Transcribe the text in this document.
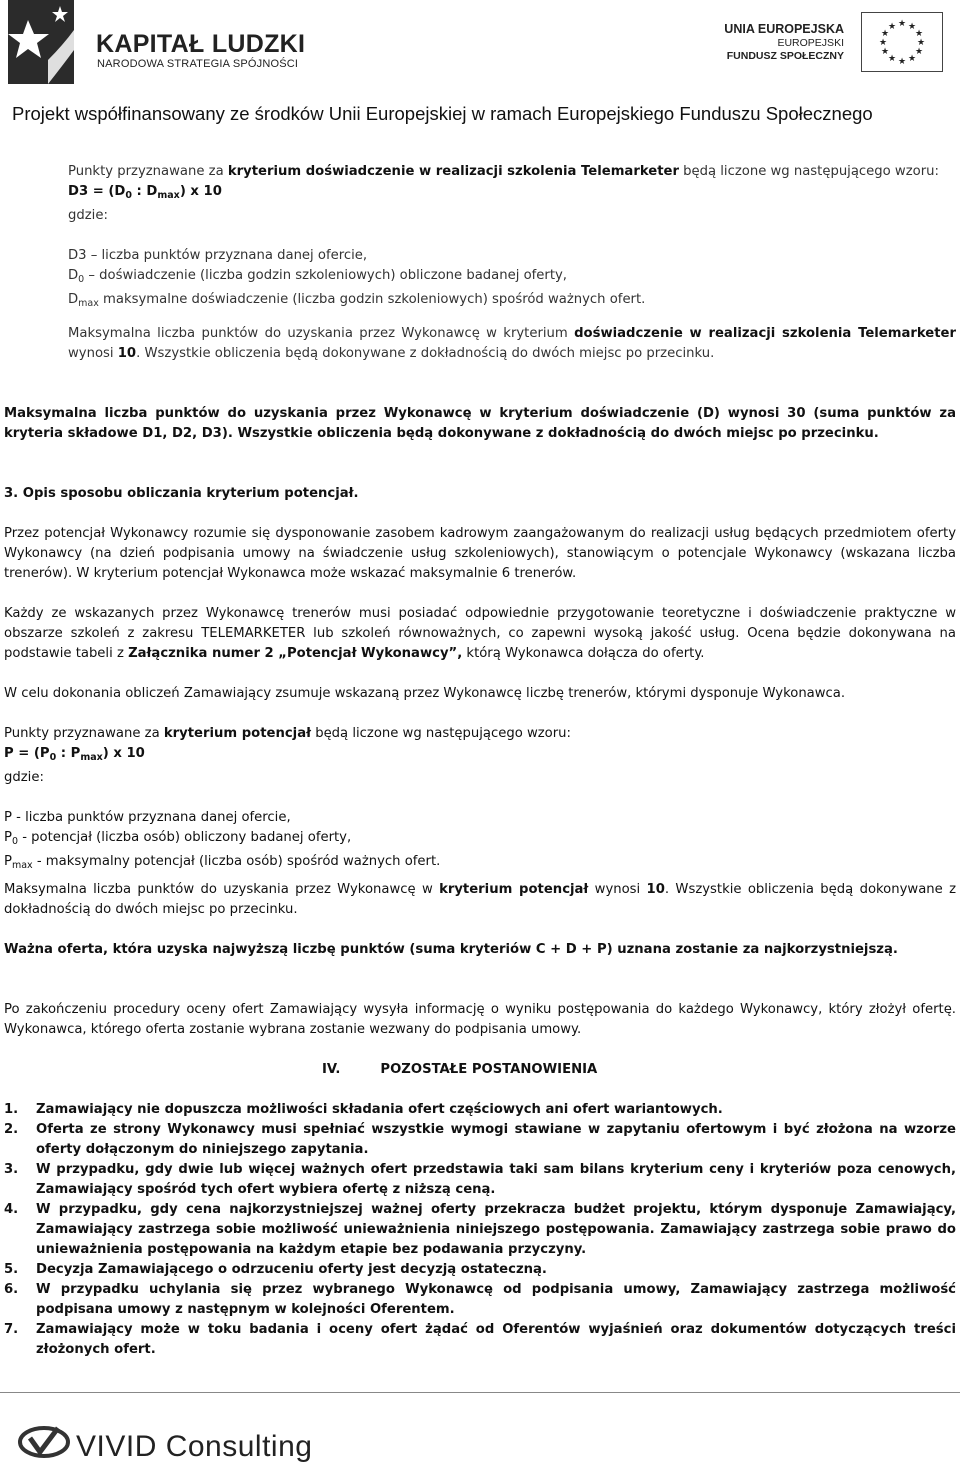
KAPITAŁ LUDZKI
NARODOWA STRATEGIA SPÓJNOŚCI
UNIA EUROPEJSKA
EUROPEJSKI
FUNDUSZ SPOŁECZNY
★ ★
★
★
★
★
★
★
★
★
★
★
Projekt współfinansowany ze środków Unii Europejskiej w ramach Europejskiego Funduszu Społecznego

Punkty przyznawane za kryterium doświadczenie w realizacji szkolenia Telemarketer będą liczone wg następującego wzoru:

$D3 = (D_0$ : $D_{max}$) x 10

gdzie:

D3 – liczba punktów przyznana danej ofercie,

$D_0$ – doświadczenie (liczba godzin szkoleniowych) obliczone badanej oferty,

$D_{max}$ maksymalne doświadczenie (liczba godzin szkoleniowych) spośród ważnych ofert.

Maksymalna liczba punktów do uzyskania przez Wykonawcę w kryterium doświadczenie w realizacji szkolenia Telemarketer wynosi 10. Wszystkie obliczenia będą dokonywane z dokładnością do dwóch miejsc po przecinku.

Maksymalna liczba punktów do uzyskania przez Wykonawcę w kryterium doświadczenie (D) wynosi 30 (suma punktów za kryteria składowe D1, D2, D3). Wszystkie obliczenia będą dokonywane z dokładnością do dwóch miejsc po przecinku.

3. Opis sposobu obliczania kryterium potencjał.

Przez potencjał Wykonawcy rozumie się dysponowanie zasobem kadrowym zaangażowanym do realizacji usług będących przedmiotem oferty Wykonawcy (na dzień podpisania umowy na świadczenie usług szkoleniowych), stanowiącym o potencjale Wykonawcy (wskazana liczba trenerów). W kryterium potencjał Wykonawca może wskazać maksymalnie 6 trenerów.

Każdy ze wskazanych przez Wykonawcę trenerów musi posiadać odpowiednie przygotowanie teoretyczne i doświadczenie praktyczne w obszarze szkoleń z zakresu TELEMARKETER lub szkoleń równoważnych, co zapewni wysoką jakość usług. Ocena będzie dokonywana na podstawie tabeli z Załącznika numer 2 „Potencjał Wykonawcy”, którą Wykonawca dołącza do oferty.

W celu dokonania obliczeń Zamawiający zsumuje wskazaną przez Wykonawcę liczbę trenerów, którymi dysponuje Wykonawca.

Punkty przyznawane za kryterium potencjał będą liczone wg następującego wzoru:

$P = (P_0$ : $P_{max}$) x 10

gdzie:

P - liczba punktów przyznana danej ofercie,

$P_0$ - potencjał (liczba osób) obliczony badanej oferty,

$P_{max}$ - maksymalny potencjał (liczba osób) spośród ważnych ofert.

Maksymalna liczba punktów do uzyskania przez Wykonawcę w kryterium potencjał wynosi 10. Wszystkie obliczenia będą dokonywane z dokładnością do dwóch miejsc po przecinku.

Ważna oferta, która uzyska najwyższą liczbę punktów (suma kryteriów C + D + P) uznana zostanie za najkorzystniejszą.

Po zakończeniu procedury oceny ofert Zamawiający wysyła informację o wyniku postępowania do każdego Wykonawcy, który złożył ofertę. Wykonawca, którego oferta zostanie wybrana zostanie wezwany do podpisania umowy.

IV.	POZOSTAŁE POSTANOWIENIA
1. Zamawiający nie dopuszcza możliwości składania ofert częściowych ani ofert wariantowych.
2. Oferta ze strony Wykonawcy musi spełniać wszystkie wymogi stawiane w zapytaniu ofertowym i być złożona na wzorze oferty dołączonym do niniejszego zapytania.
3. W przypadku, gdy dwie lub więcej ważnych ofert przedstawia taki sam bilans kryterium ceny i kryteriów poza cenowych, Zamawiający spośród tych ofert wybiera ofertę z niższą ceną.
4. W przypadku, gdy cena najkorzystniejszej ważnej oferty przekracza budżet projektu, którym dysponuje Zamawiający, Zamawiający zastrzega sobie możliwość unieważnienia niniejszego postępowania. Zamawiający zastrzega sobie prawo do unieważnienia postępowania na każdym etapie bez podawania przyczyny.
5. Decyzja Zamawiającego o odrzuceniu oferty jest decyzją ostateczną.
6. W przypadku uchylania się przez wybranego Wykonawcę od podpisania umowy, Zamawiający zastrzega możliwość podpisana umowy z następnym w kolejności Oferentem.
7. Zamawiający może w toku badania i oceny ofert żądać od Oferentów wyjaśnień oraz dokumentów dotyczących treści złożonych ofert.
VIVID Consulting
